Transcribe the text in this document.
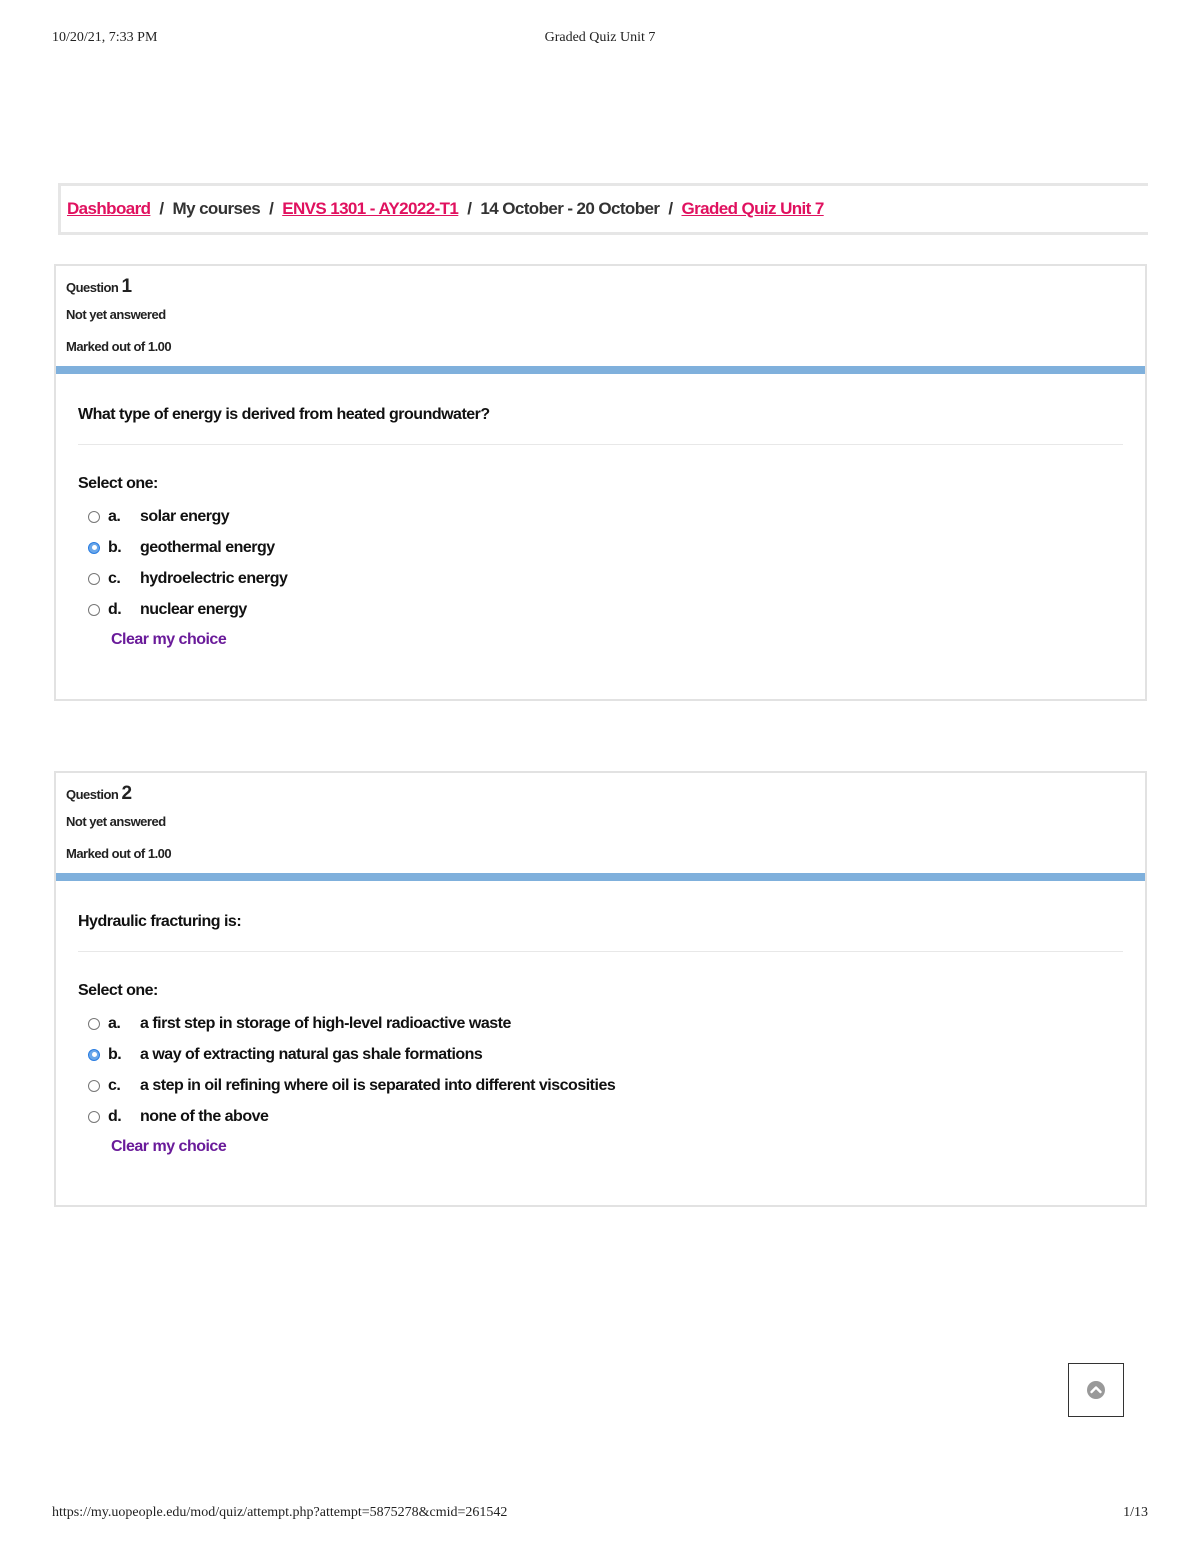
10/20/21, 7:33 PM	Graded Quiz Unit 7
Dashboard / My courses / ENVS 1301 - AY2022-T1 / 14 October - 20 October / Graded Quiz Unit 7
Question 1
Not yet answered
Marked out of 1.00

What type of energy is derived from heated groundwater?

Select one:
a.	solar energy
b.	geothermal energy
c.	hydroelectric energy
d.	nuclear energy
Clear my choice
Question 2
Not yet answered
Marked out of 1.00

Hydraulic fracturing is:

Select one:
a.	a first step in storage of high-level radioactive waste
b.	a way of extracting natural gas shale formations
c.	a step in oil refining where oil is separated into different viscosities
d.	none of the above
Clear my choice
https://my.uopeople.edu/mod/quiz/attempt.php?attempt=5875278&cmid=261542	1/13
